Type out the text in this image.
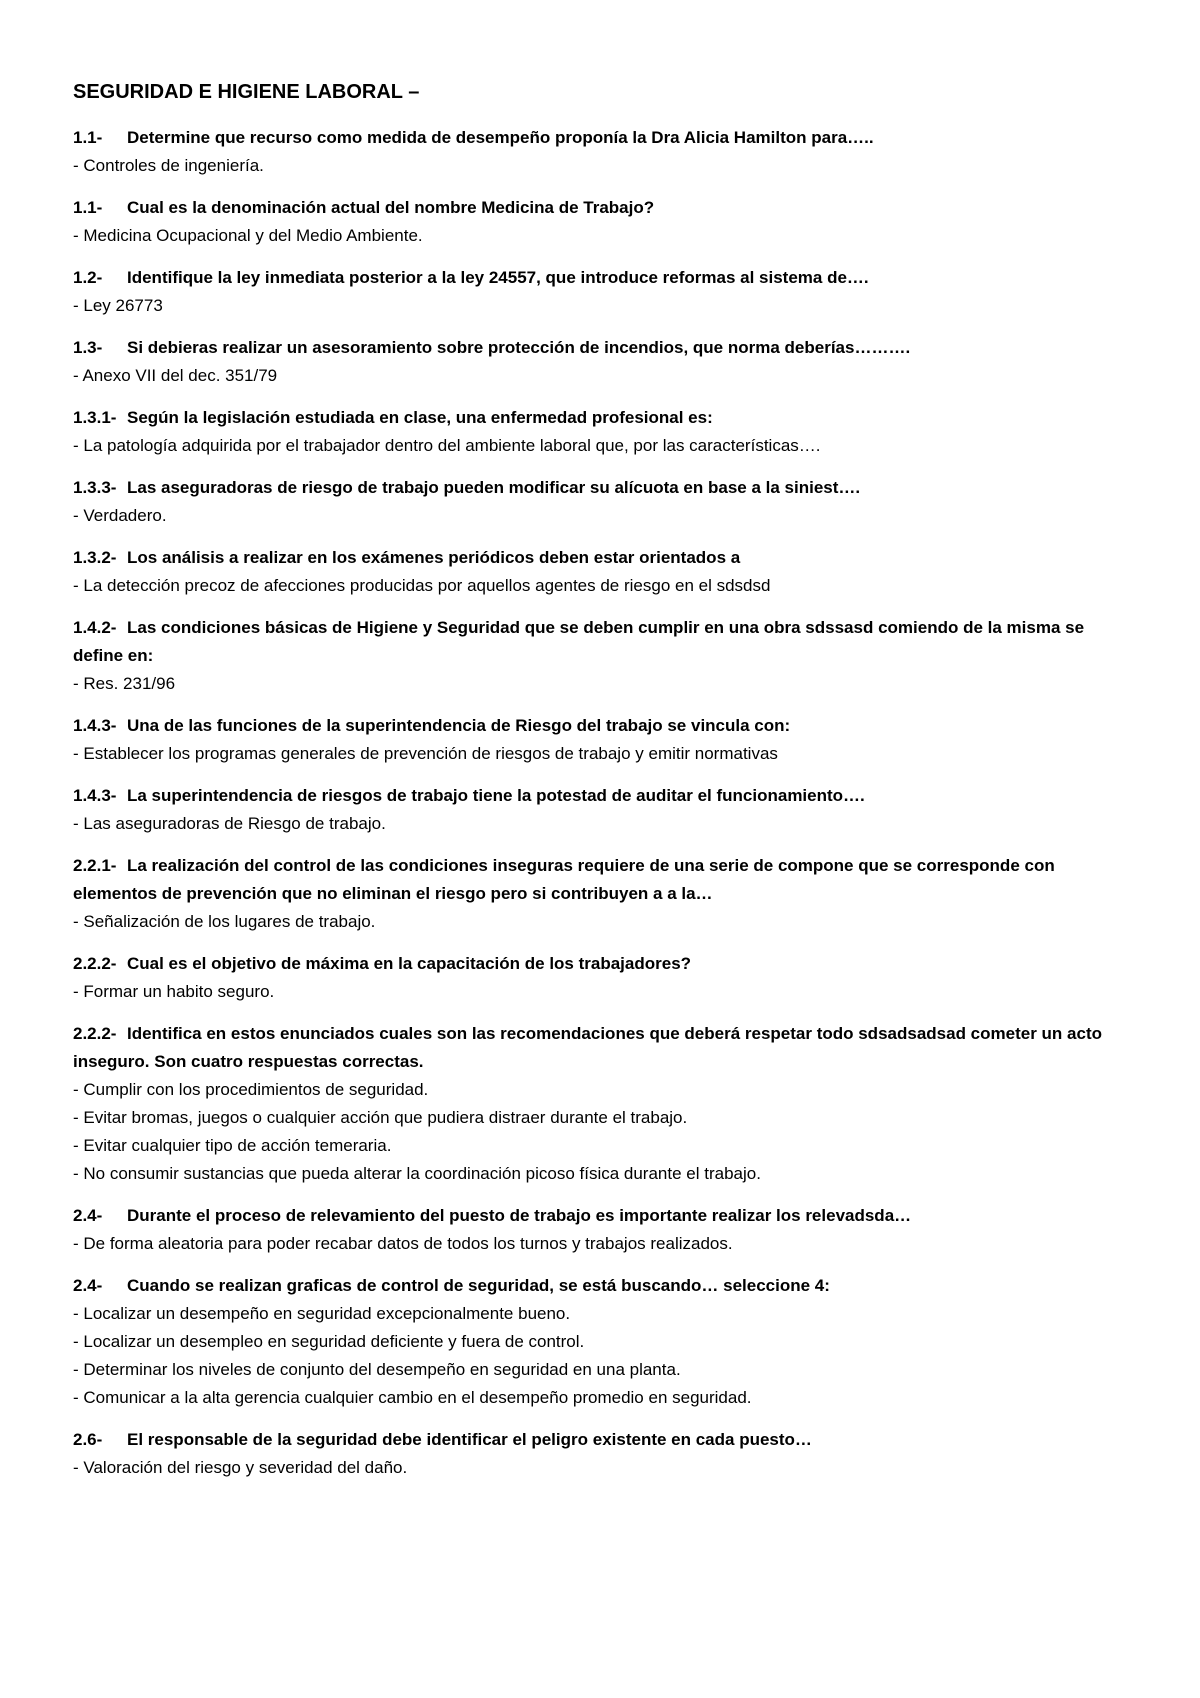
SEGURIDAD E HIGIENE LABORAL –

1.1- Determine que recurso como medida de desempeño proponía la Dra Alicia Hamilton para…..

- Controles de ingeniería.

1.1- Cual es la denominación actual del nombre Medicina de Trabajo?

- Medicina Ocupacional y del Medio Ambiente.

1.2- Identifique la ley inmediata posterior a la ley 24557, que introduce reformas al sistema de….

- Ley 26773

1.3- Si debieras realizar un asesoramiento sobre protección de incendios, que norma deberías……….

- Anexo VII del dec. 351/79

1.3.1- Según la legislación estudiada en clase, una enfermedad profesional es:

- La patología adquirida por el trabajador dentro del ambiente laboral que, por las características….

1.3.3- Las aseguradoras de riesgo de trabajo pueden modificar su alícuota en base a la siniest….

- Verdadero.

1.3.2- Los análisis a realizar en los exámenes periódicos deben estar orientados a

- La detección precoz de afecciones producidas por aquellos agentes de riesgo en el sdsdsd

1.4.2- Las condiciones básicas de Higiene y Seguridad que se deben cumplir en una obra sdssasd comiendo de la misma se define en:

- Res. 231/96

1.4.3- Una de las funciones de la superintendencia de Riesgo del trabajo se vincula con:

- Establecer los programas generales de prevención de riesgos de trabajo y emitir normativas

1.4.3- La superintendencia de riesgos de trabajo tiene la potestad de auditar el funcionamiento….

- Las aseguradoras de Riesgo de trabajo.

2.2.1- La realización del control de las condiciones inseguras requiere de una serie de compone que se corresponde con elementos de prevención que no eliminan el riesgo pero si contribuyen a a la…

- Señalización de los lugares de trabajo.

2.2.2- Cual es el objetivo de máxima en la capacitación de los trabajadores?

- Formar un habito seguro.

2.2.2- Identifica en estos enunciados cuales son las recomendaciones que deberá respetar todo sdsadsadsad cometer un acto inseguro. Son cuatro respuestas correctas.

- Cumplir con los procedimientos de seguridad.

- Evitar bromas, juegos o cualquier acción que pudiera distraer durante el trabajo.

- Evitar cualquier tipo de acción temeraria.

- No consumir sustancias que pueda alterar la coordinación picoso física durante el trabajo.

2.4- Durante el proceso de relevamiento del puesto de trabajo es importante realizar los relevadsda…

- De forma aleatoria para poder recabar datos de todos los turnos y trabajos realizados.

2.4- Cuando se realizan graficas de control de seguridad, se está buscando… seleccione 4:

- Localizar un desempeño en seguridad excepcionalmente bueno.

- Localizar un desempleo en seguridad deficiente y fuera de control.

- Determinar los niveles de conjunto del desempeño en seguridad en una planta.

- Comunicar a la alta gerencia cualquier cambio en el desempeño promedio en seguridad.

2.6- El responsable de la seguridad debe identificar el peligro existente en cada puesto…

- Valoración del riesgo y severidad del daño.
